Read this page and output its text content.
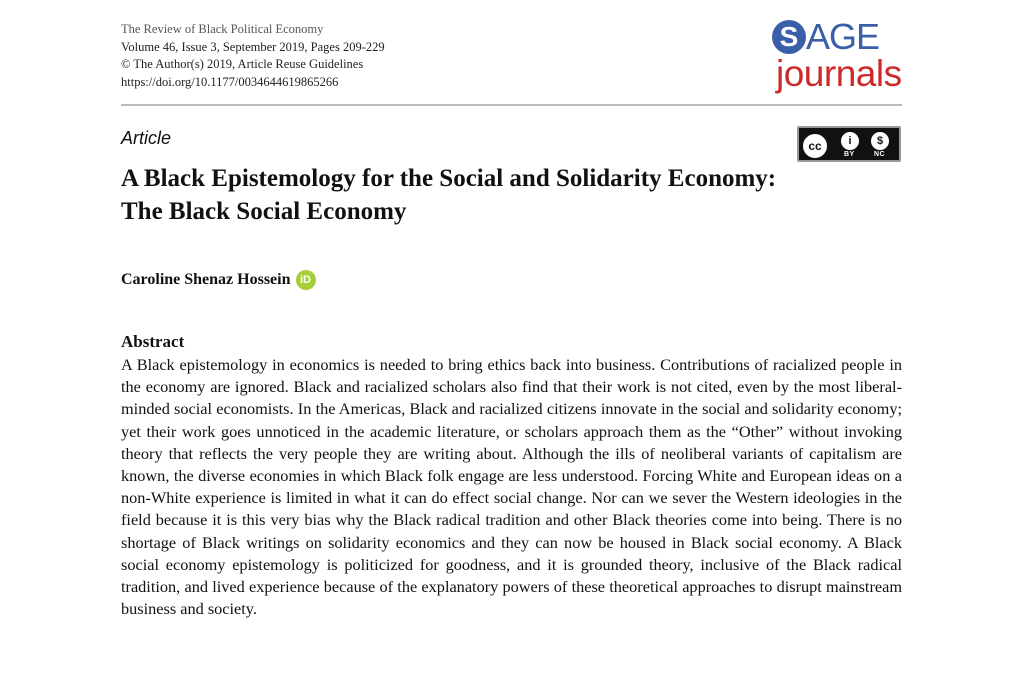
The Review of Black Political Economy
Volume 46, Issue 3, September 2019, Pages 209-229
© The Author(s) 2019, Article Reuse Guidelines
https://doi.org/10.1177/0034644619865266
S AGE
journals
cc	i	$
BY	NC
Article
A Black Epistemology for the Social and Solidarity Economy: The Black Social Economy
Caroline Shenaz Hossein iD
Abstract

A Black epistemology in economics is needed to bring ethics back into business. Contributions of racialized people in the economy are ignored. Black and racialized scholars also find that their work is not cited, even by the most liberal-minded social economists. In the Americas, Black and racialized citizens innovate in the social and solidarity economy; yet their work goes unnoticed in the academic literature, or scholars approach them as the “Other” without invoking theory that reflects the very people they are writing about. Although the ills of neoliberal variants of capitalism are known, the diverse economies in which Black folk engage are less understood. Forcing White and European ideas on a non-White experience is limited in what it can do effect social change. Nor can we sever the Western ideologies in the field because it is this very bias why the Black radical tradition and other Black theories come into being. There is no shortage of Black writings on solidarity economics and they can now be housed in Black social economy. A Black social economy epistemology is politicized for goodness, and it is grounded theory, inclusive of the Black radical tradition, and lived experience because of the explanatory powers of these theoretical approaches to disrupt mainstream business and society.
